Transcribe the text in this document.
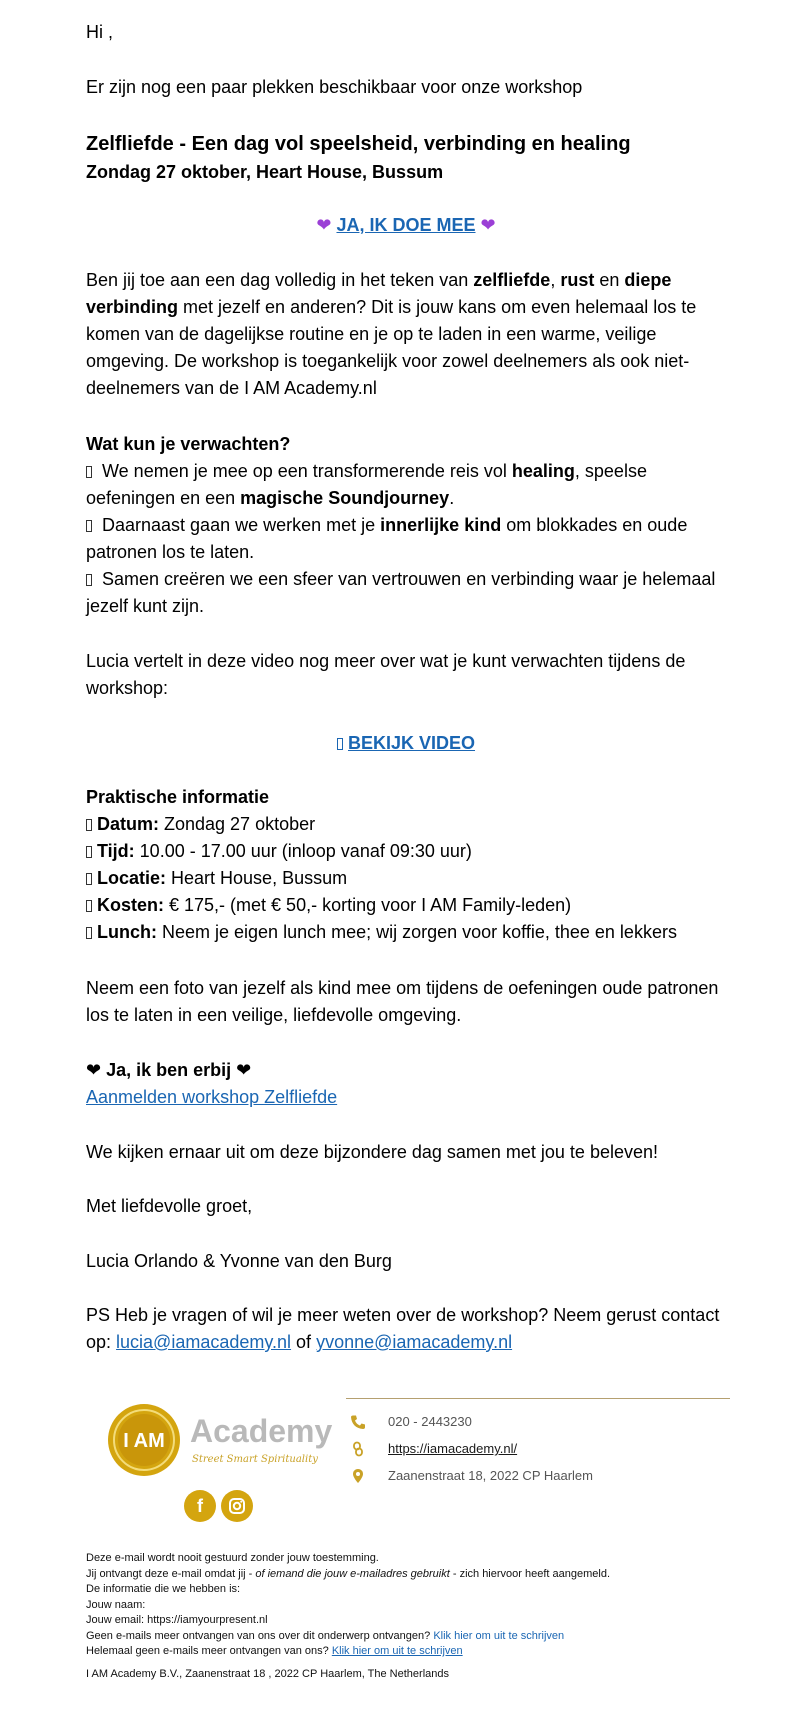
Hi ,

Er zijn nog een paar plekken beschikbaar voor onze workshop

Zelfliefde - Een dag vol speelsheid, verbinding en healing

Zondag 27 oktober, Heart House, Bussum

❤ JA, IK DOE MEE ❤

Ben jij toe aan een dag volledig in het teken van zelfliefde, rust en diepe verbinding met jezelf en anderen? Dit is jouw kans om even helemaal los te komen van de dagelijkse routine en je op te laden in een warme, veilige omgeving. De workshop is toegankelijk voor zowel deelnemers als ook niet-deelnemers van de I AM Academy.nl

Wat kun je verwachten?

We nemen je mee op een transformerende reis vol healing, speelse oefeningen en een magische Soundjourney.

Daarnaast gaan we werken met je innerlijke kind om blokkades en oude patronen los te laten.

Samen creëren we een sfeer van vertrouwen en verbinding waar je helemaal jezelf kunt zijn.

Lucia vertelt in deze video nog meer over wat je kunt verwachten tijdens de workshop:

BEKIJK VIDEO

Praktische informatie

Datum: Zondag 27 oktober

Tijd: 10.00 - 17.00 uur (inloop vanaf 09:30 uur)

Locatie: Heart House, Bussum

Kosten: € 175,- (met € 50,- korting voor I AM Family-leden)

Lunch: Neem je eigen lunch mee; wij zorgen voor koffie, thee en lekkers

Neem een foto van jezelf als kind mee om tijdens de oefeningen oude patronen los te laten in een veilige, liefdevolle omgeving.

❤ Ja, ik ben erbij ❤

Aanmelden workshop Zelfliefde

We kijken ernaar uit om deze bijzondere dag samen met jou te beleven!

Met liefdevolle groet,

Lucia Orlando & Yvonne van den Burg

PS Heb je vragen of wil je meer weten over de workshop? Neem gerust contact op: lucia@iamacademy.nl of yvonne@iamacademy.nl

I AM Academy
Street Smart Spirituality
f
020 - 2443230
https://iamacademy.nl/
Zaanenstraat 18, 2022 CP Haarlem

Deze e-mail wordt nooit gestuurd zonder jouw toestemming.

Jij ontvangt deze e-mail omdat jij - of iemand die jouw e-mailadres gebruikt - zich hiervoor heeft aangemeld.

De informatie die we hebben is:

Jouw naam:

Jouw email: https://iamyourpresent.nl

Geen e-mails meer ontvangen van ons over dit onderwerp ontvangen? Klik hier om uit te schrijven

Helemaal geen e-mails meer ontvangen van ons? Klik hier om uit te schrijven

I AM Academy B.V., Zaanenstraat 18 , 2022 CP Haarlem, The Netherlands
